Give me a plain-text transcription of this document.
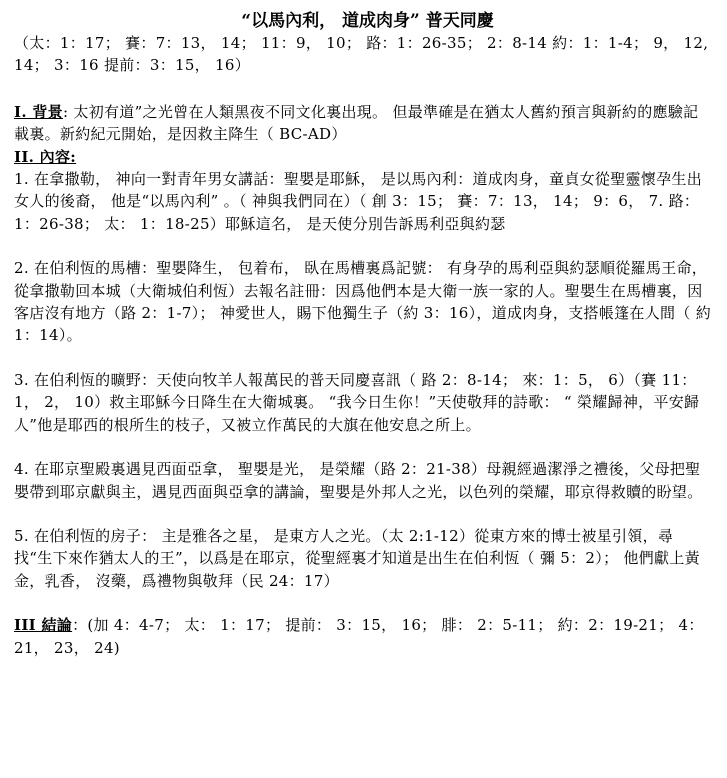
“以馬內利， 道成肉身” 普天同慶

（太：1：17； 賽：7：13， 14； 11：9， 10； 路：1：26-35； 2：8-14 約：1：1-4； 9， 12,14； 3：16 提前：3：15， 16）

I. 背景: 太初有道”之光曾在人類黑夜不同文化裏出現。 但最準確是在猶太人舊約預言與新約的應驗記載裏。新約紀元開始，是因救主降生（ BC-AD）

II. 內容:

1. 在拿撒勒， 神向一對青年男女講話：聖嬰是耶穌， 是以馬內利：道成肉身，童貞女從聖靈懷孕生出女人的後裔， 他是“以馬內利” 。（ 神與我們同在）（ 創 3：15； 賽：7：13， 14； 9：6， 7. 路： 1：26-38； 太： 1：18-25）耶穌這名， 是天使分別告訴馬利亞與約瑟

2. 在伯利恆的馬槽：聖嬰降生， 包着布， 臥在馬槽裏爲記號： 有身孕的馬利亞與約瑟順從羅馬王命，從拿撒勒回本城（大衛城伯利恆）去報名註冊：因爲他們本是大衛一族一家的人。聖嬰生在馬槽裏，因客店沒有地方（路 2：1-7）； 神愛世人，賜下他獨生子（約 3：16），道成肉身，支搭帳篷在人間（ 約 1：14）。

3. 在伯利恆的曠野：天使向牧羊人報萬民的普天同慶喜訊（ 路 2：8-14； 來：1：5， 6）（賽 11：1， 2， 10）救主耶穌今日降生在大衛城裏。 “我今日生你！”天使敬拜的詩歌： “ 榮耀歸神，平安歸人”他是耶西的根所生的枝子，又被立作萬民的大旗在他安息之所上。

4. 在耶京聖殿裏遇見西面亞拿， 聖嬰是光， 是榮耀（路 2：21-38）母親經過潔淨之禮後，父母把聖嬰帶到耶京獻與主，遇見西面與亞拿的講論，聖嬰是外邦人之光，以色列的榮耀，耶京得救贖的盼望。

5. 在伯利恆的房子： 主是雅各之星， 是東方人之光。（太 2:1-12）從東方來的博士被星引領，尋找“生下來作猶太人的王”，以爲是在耶京，從聖經裏才知道是出生在伯利恆（ 彌 5：2）； 他們獻上黃金，乳香， 沒藥，爲禮物與敬拜（民 24：17）

III 結論：(加 4：4-7； 太： 1：17； 提前： 3：15， 16； 腓： 2：5-11； 約：2：19-21； 4：21， 23， 24)
